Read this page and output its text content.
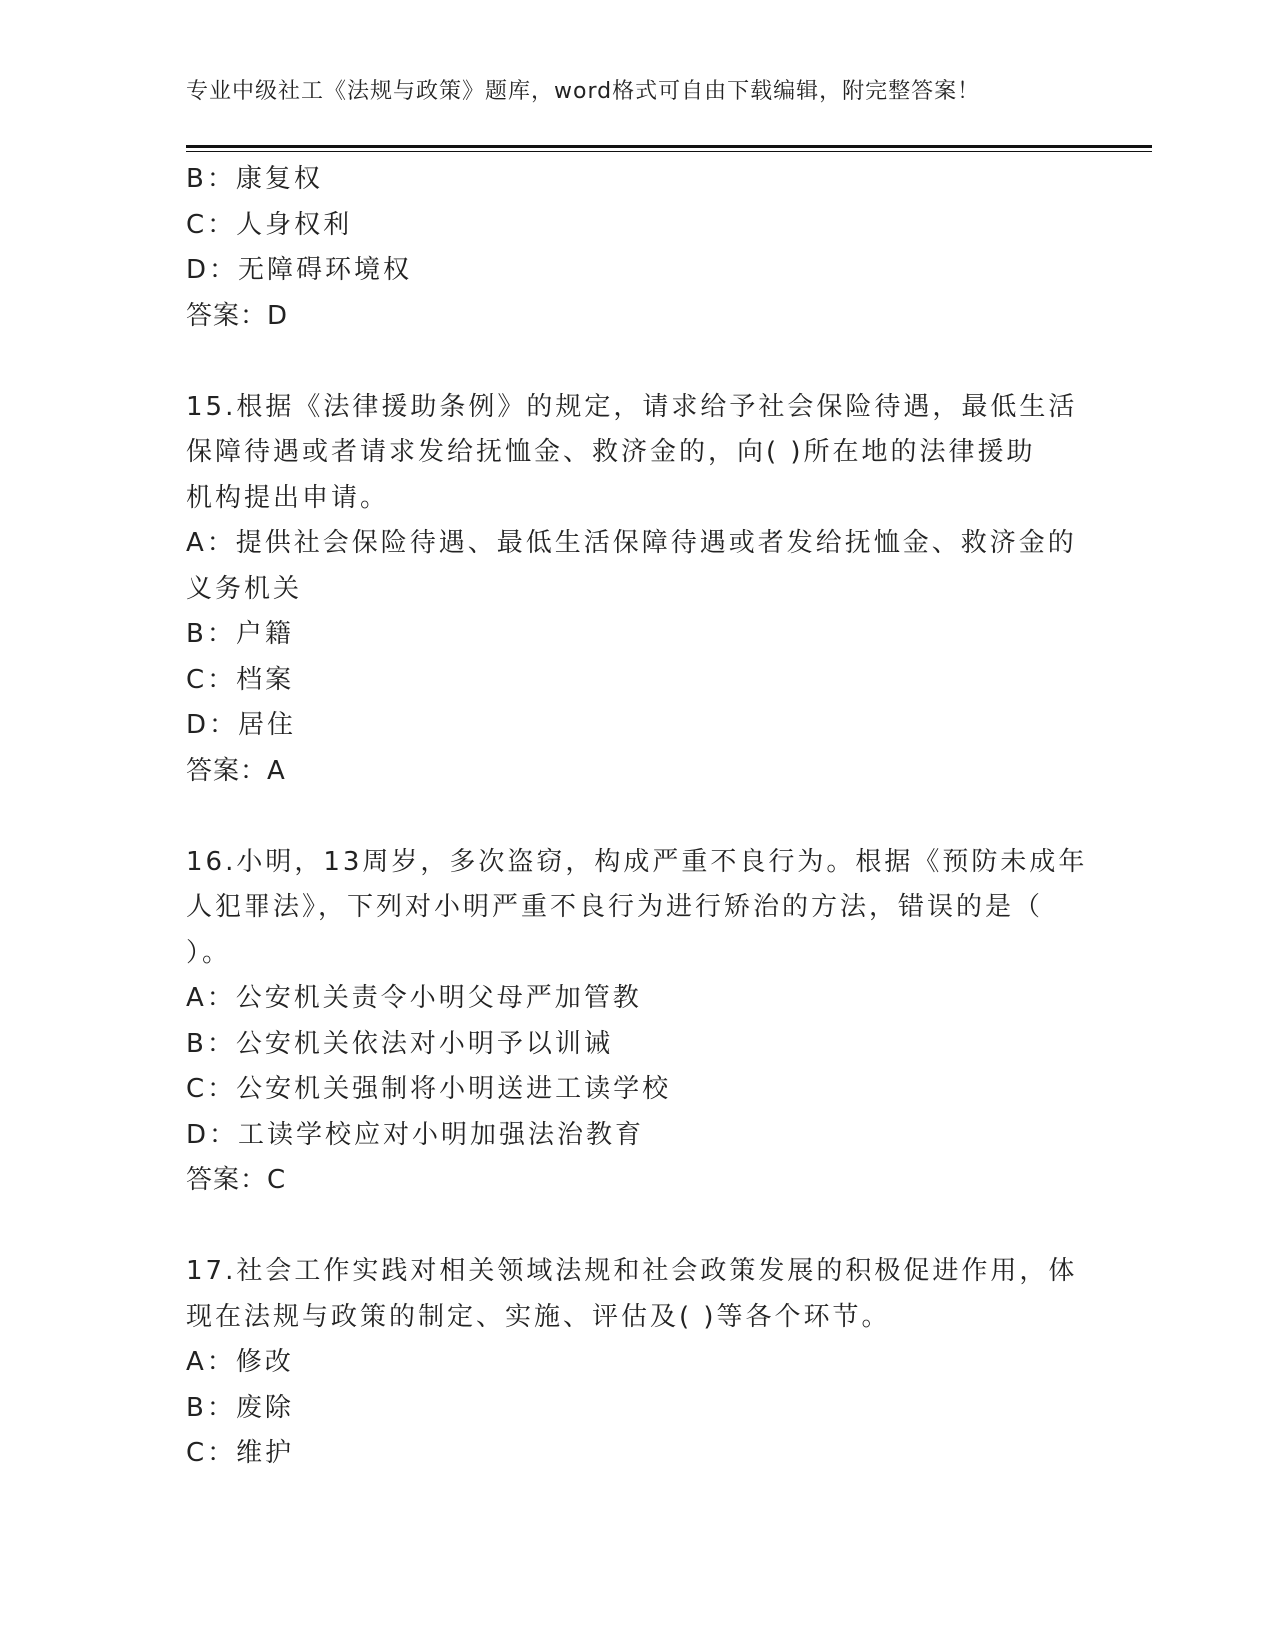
专业中级社工《法规与政策》题库，word格式可自由下载编辑，附完整答案！
B：康复权
C：人身权利
D：无障碍环境权
答案：D
15.根据《法律援助条例》的规定，请求给予社会保险待遇，最低生活
保障待遇或者请求发给抚恤金、救济金的，向( )所在地的法律援助
机构提出申请。
A：提供社会保险待遇、最低生活保障待遇或者发给抚恤金、救济金的
义务机关
B：户籍
C：档案
D：居住
答案：A
16.小明，13周岁，多次盗窃，构成严重不良行为。根据《预防未成年
人犯罪法》，下列对小明严重不良行为进行矫治的方法，错误的是（
）。
A：公安机关责令小明父母严加管教
B：公安机关依法对小明予以训诫
C：公安机关强制将小明送进工读学校
D：工读学校应对小明加强法治教育
答案：C
17.社会工作实践对相关领域法规和社会政策发展的积极促进作用，体
现在法规与政策的制定、实施、评估及( )等各个环节。
A：修改
B：废除
C：维护
